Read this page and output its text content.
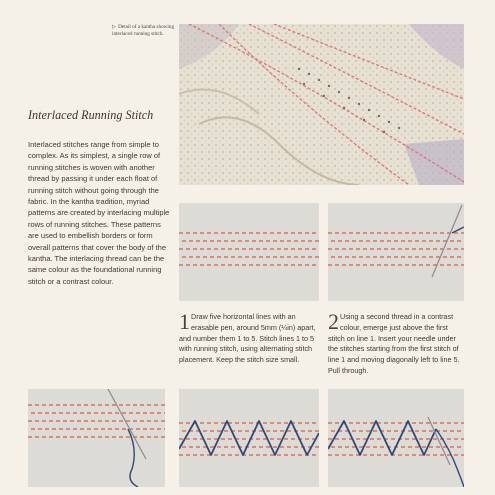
▷ Detail of a kantha showing interlaced running stitch.
Interlaced Running Stitch
Interlaced stitches range from simple to complex. As its simplest, a single row of running stitches is woven with another thread by passing it under each float of running stitch without going through the fabric. In the kantha tradition, myriad patterns are created by interlacing multiple rows of running stitches. These patterns are used to embellish borders or form overall patterns that cover the body of the kantha. The interlacing thread can be the same colour as the foundational running stitch or a contrast colour.
1 Draw five horizontal lines with an erasable pen, around 5mm (¼in) apart, and number them 1 to 5. Stitch lines 1 to 5 with running stitch, using alternating stitch placement. Keep the stitch size small.
2 Using a second thread in a contrast colour, emerge just above the first stitch on line 1. Insert your needle under the stitches starting from the first stitch of line 1 and moving diagonally left to line 5. Pull through.
